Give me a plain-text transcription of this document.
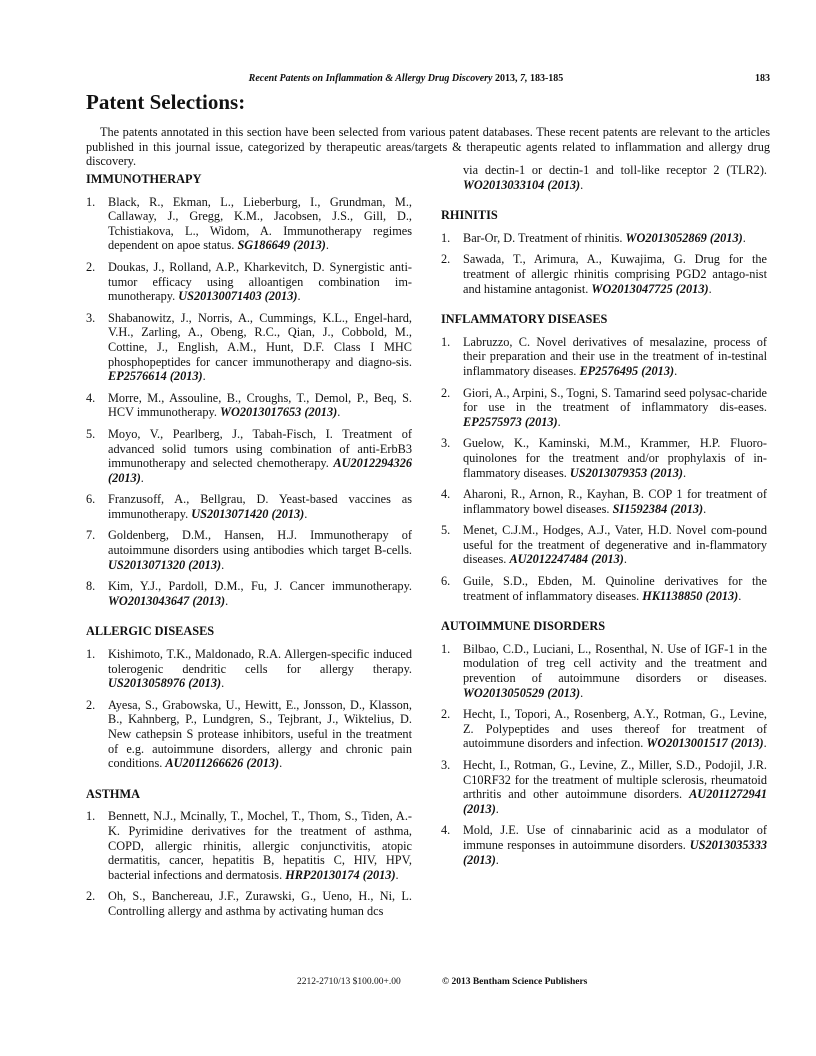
Recent Patents on Inflammation & Allergy Drug Discovery 2013, 7, 183-185	183
Patent Selections:

The patents annotated in this section have been selected from various patent databases. These recent patents are relevant to the articles published in this journal issue, categorized by therapeutic areas/targets & therapeutic agents related to inflammation and allergy drug discovery.

IMMUNOTHERAPY
1.	Black, R., Ekman, L., Lieberburg, I., Grundman, M., Callaway, J., Gregg, K.M., Jacobsen, J.S., Gill, D., Tchistiakova, L., Widom, A. Immunotherapy regimes dependent on apoe status. SG186649 (2013).
2.	Doukas, J., Rolland, A.P., Kharkevitch, D. Synergistic anti-tumor efficacy using alloantigen combination im-munotherapy. US20130071403 (2013).
3.	Shabanowitz, J., Norris, A., Cummings, K.L., Engel-hard, V.H., Zarling, A., Obeng, R.C., Qian, J., Cobbold, M., Cottine, J., English, A.M., Hunt, D.F. Class I MHC phosphopeptides for cancer immunotherapy and diagno-sis. EP2576614 (2013).
4.	Morre, M., Assouline, B., Croughs, T., Demol, P., Beq, S. HCV immunotherapy. WO2013017653 (2013).
5.	Moyo, V., Pearlberg, J., Tabah-Fisch, I. Treatment of advanced solid tumors using combination of anti-ErbB3 immunotherapy and selected chemotherapy. AU2012294326 (2013).
6.	Franzusoff, A., Bellgrau, D. Yeast-based vaccines as immunotherapy. US2013071420 (2013).
7.	Goldenberg, D.M., Hansen, H.J. Immunotherapy of autoimmune disorders using antibodies which target B-cells. US2013071320 (2013).
8.	Kim, Y.J., Pardoll, D.M., Fu, J. Cancer immunotherapy. WO2013043647 (2013).
ALLERGIC DISEASES
1.	Kishimoto, T.K., Maldonado, R.A. Allergen-specific induced tolerogenic dendritic cells for allergy therapy. US2013058976 (2013).
2.	Ayesa, S., Grabowska, U., Hewitt, E., Jonsson, D., Klasson, B., Kahnberg, P., Lundgren, S., Tejbrant, J., Wiktelius, D. New cathepsin S protease inhibitors, useful in the treatment of e.g. autoimmune disorders, allergy and chronic pain conditions. AU2011266626 (2013).
ASTHMA
1.	Bennett, N.J., Mcinally, T., Mochel, T., Thom, S., Tiden, A.-K. Pyrimidine derivatives for the treatment of asthma, COPD, allergic rhinitis, allergic conjunctivitis, atopic dermatitis, cancer, hepatitis B, hepatitis C, HIV, HPV, bacterial infections and dermatosis. HRP20130174 (2013).
2.	Oh, S., Banchereau, J.F., Zurawski, G., Ueno, H., Ni, L. Controlling allergy and asthma by activating human dcs
via dectin-1 or dectin-1 and toll-like receptor 2 (TLR2). WO2013033104 (2013).
RHINITIS
1.	Bar-Or, D. Treatment of rhinitis. WO2013052869 (2013).
2.	Sawada, T., Arimura, A., Kuwajima, G. Drug for the treatment of allergic rhinitis comprising PGD2 antago-nist and histamine antagonist. WO2013047725 (2013).
INFLAMMATORY DISEASES
1.	Labruzzo, C. Novel derivatives of mesalazine, process of their preparation and their use in the treatment of in-testinal inflammatory diseases. EP2576495 (2013).
2.	Giori, A., Arpini, S., Togni, S. Tamarind seed polysac-charide for use in the treatment of inflammatory dis-eases. EP2575973 (2013).
3.	Guelow, K., Kaminski, M.M., Krammer, H.P. Fluoro-quinolones for the treatment and/or prophylaxis of in-flammatory diseases. US2013079353 (2013).
4.	Aharoni, R., Arnon, R., Kayhan, B. COP 1 for treatment of inflammatory bowel diseases. SI1592384 (2013).
5.	Menet, C.J.M., Hodges, A.J., Vater, H.D. Novel com-pound useful for the treatment of degenerative and in-flammatory diseases. AU2012247484 (2013).
6.	Guile, S.D., Ebden, M. Quinoline derivatives for the treatment of inflammatory diseases. HK1138850 (2013).
AUTOIMMUNE DISORDERS
1.	Bilbao, C.D., Luciani, L., Rosenthal, N. Use of IGF-1 in the modulation of treg cell activity and the treatment and prevention of autoimmune disorders or diseases. WO2013050529 (2013).
2.	Hecht, I., Topori, A., Rosenberg, A.Y., Rotman, G., Levine, Z. Polypeptides and uses thereof for treatment of autoimmune disorders and infection. WO2013001517 (2013).
3.	Hecht, I., Rotman, G., Levine, Z., Miller, S.D., Podojil, J.R. C10RF32 for the treatment of multiple sclerosis, rheumatoid arthritis and other autoimmune disorders. AU2011272941 (2013).
4.	Mold, J.E. Use of cinnabarinic acid as a modulator of immune responses in autoimmune disorders. US2013035333 (2013).
2212-2710/13 $100.00+.00	© 2013 Bentham Science Publishers
